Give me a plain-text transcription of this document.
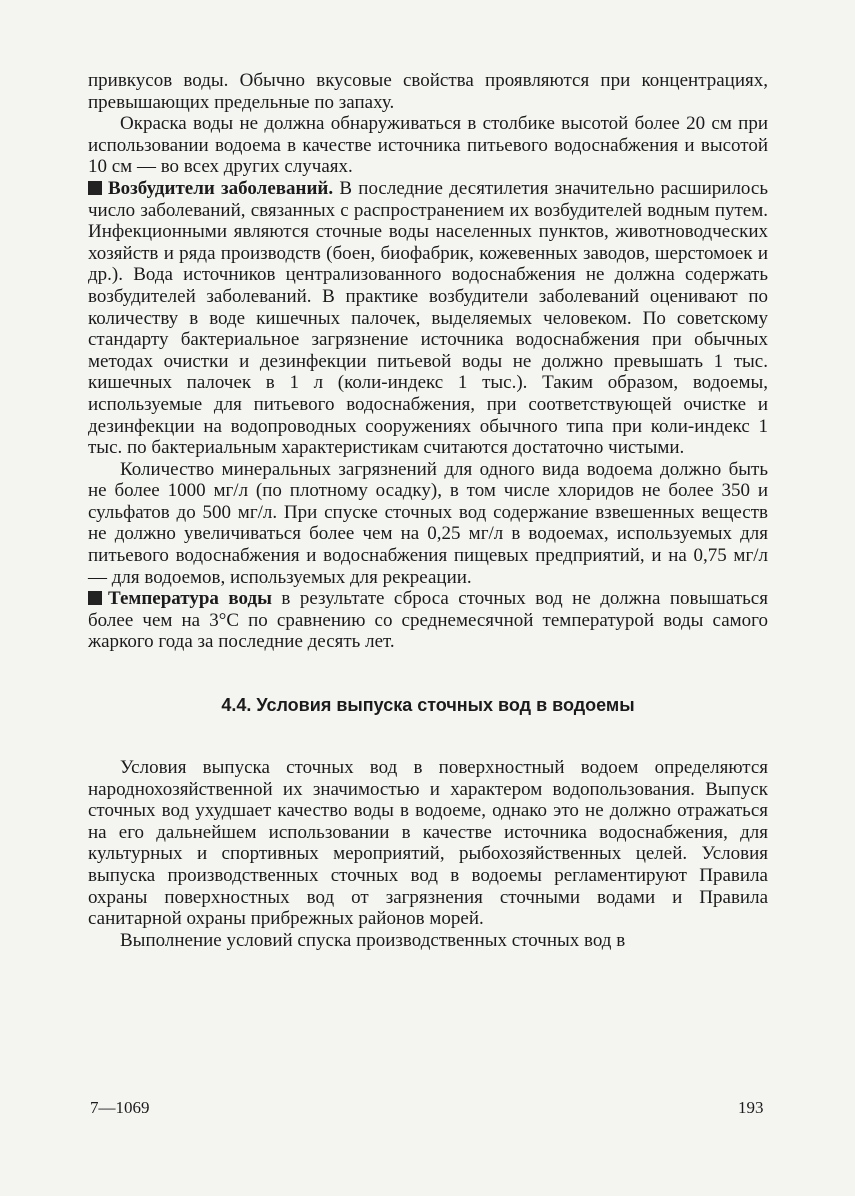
привкусов воды. Обычно вкусовые свойства проявляются при концентрациях, превышающих предельные по запаху.

Окраска воды не должна обнаруживаться в столбике высотой более 20 см при использовании водоема в качестве источника питьевого водоснабжения и высотой 10 см — во всех других случаях.

Возбудители заболеваний. В последние десятилетия значительно расширилось число заболеваний, связанных с распространением их возбудителей водным путем. Инфекционными являются сточные воды населенных пунктов, животноводческих хозяйств и ряда производств (боен, биофабрик, кожевенных заводов, шерстомоек и др.). Вода источников централизованного водоснабжения не должна содержать возбудителей заболеваний. В практике возбудители заболеваний оценивают по количеству в воде кишечных палочек, выделяемых человеком. По советскому стандарту бактериальное загрязнение источника водоснабжения при обычных методах очистки и дезинфекции питьевой воды не должно превышать 1 тыс. кишечных палочек в 1 л (коли-индекс 1 тыс.). Таким образом, водоемы, используемые для питьевого водоснабжения, при соответствующей очистке и дезинфекции на водопроводных сооружениях обычного типа при коли-индекс 1 тыс. по бактериальным характеристикам считаются достаточно чистыми.

Количество минеральных загрязнений для одного вида водоема должно быть не более 1000 мг/л (по плотному осадку), в том числе хлоридов не более 350 и сульфатов до 500 мг/л. При спуске сточных вод содержание взвешенных веществ не должно увеличиваться более чем на 0,25 мг/л в водоемах, используемых для питьевого водоснабжения и водоснабжения пищевых предприятий, и на 0,75 мг/л — для водоемов, используемых для рекреации.

Температура воды в результате сброса сточных вод не должна повышаться более чем на 3°С по сравнению со среднемесячной температурой воды самого жаркого года за последние десять лет.

4.4. Условия выпуска сточных вод в водоемы

Условия выпуска сточных вод в поверхностный водоем определяются народнохозяйственной их значимостью и характером водопользования. Выпуск сточных вод ухудшает качество воды в водоеме, однако это не должно отражаться на его дальнейшем использовании в качестве источника водоснабжения, для культурных и спортивных мероприятий, рыбохозяйственных целей. Условия выпуска производственных сточных вод в водоемы регламентируют Правила охраны поверхностных вод от загрязнения сточными водами и Правила санитарной охраны прибрежных районов морей.

Выполнение условий спуска производственных сточных вод в

7—1069	193
